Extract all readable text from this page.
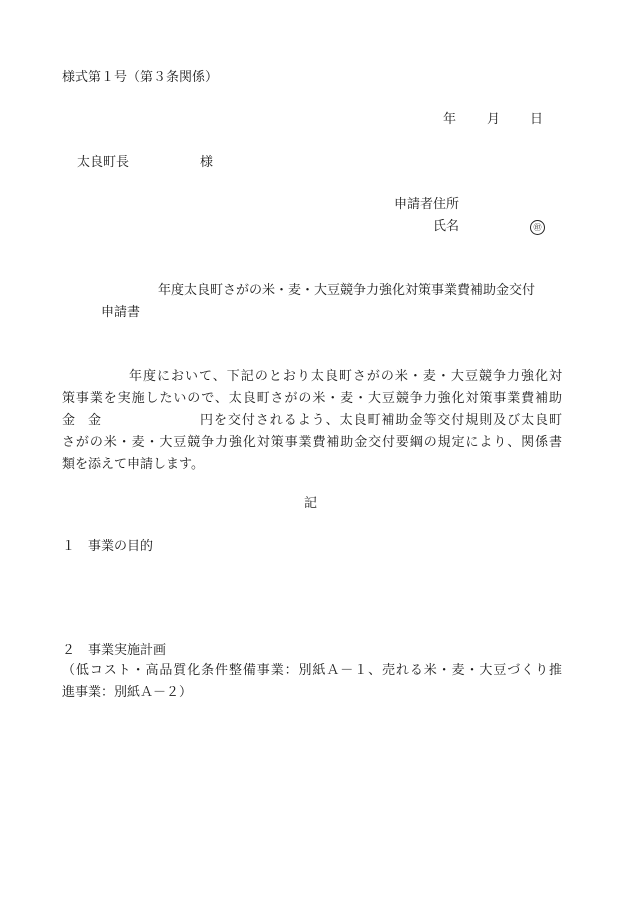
様式第１号（第３条関係）

年 月 日
太良町長	様
申請者住所
氏名	㊞
年度太良町さがの米・麦・大豆競争力強化対策事業費補助金交付
申請書
年度において、下記のとおり太良町さがの米・麦・大豆競争力強化対
策事業を実施したいので、太良町さがの米・麦・大豆競争力強化対策事業費補助
金　金	円を交付されるよう、太良町補助金等交付規則及び太良町
さがの米・麦・大豆競争力強化対策事業費補助金交付要綱の規定により、関係書
類を添えて申請します。

記

１ 事業の目的
２ 事業実施計画
（低コスト・高品質化条件整備事業：別紙Ａ－１、売れる米・麦・大豆づくり推
進事業：別紙Ａ－２）
